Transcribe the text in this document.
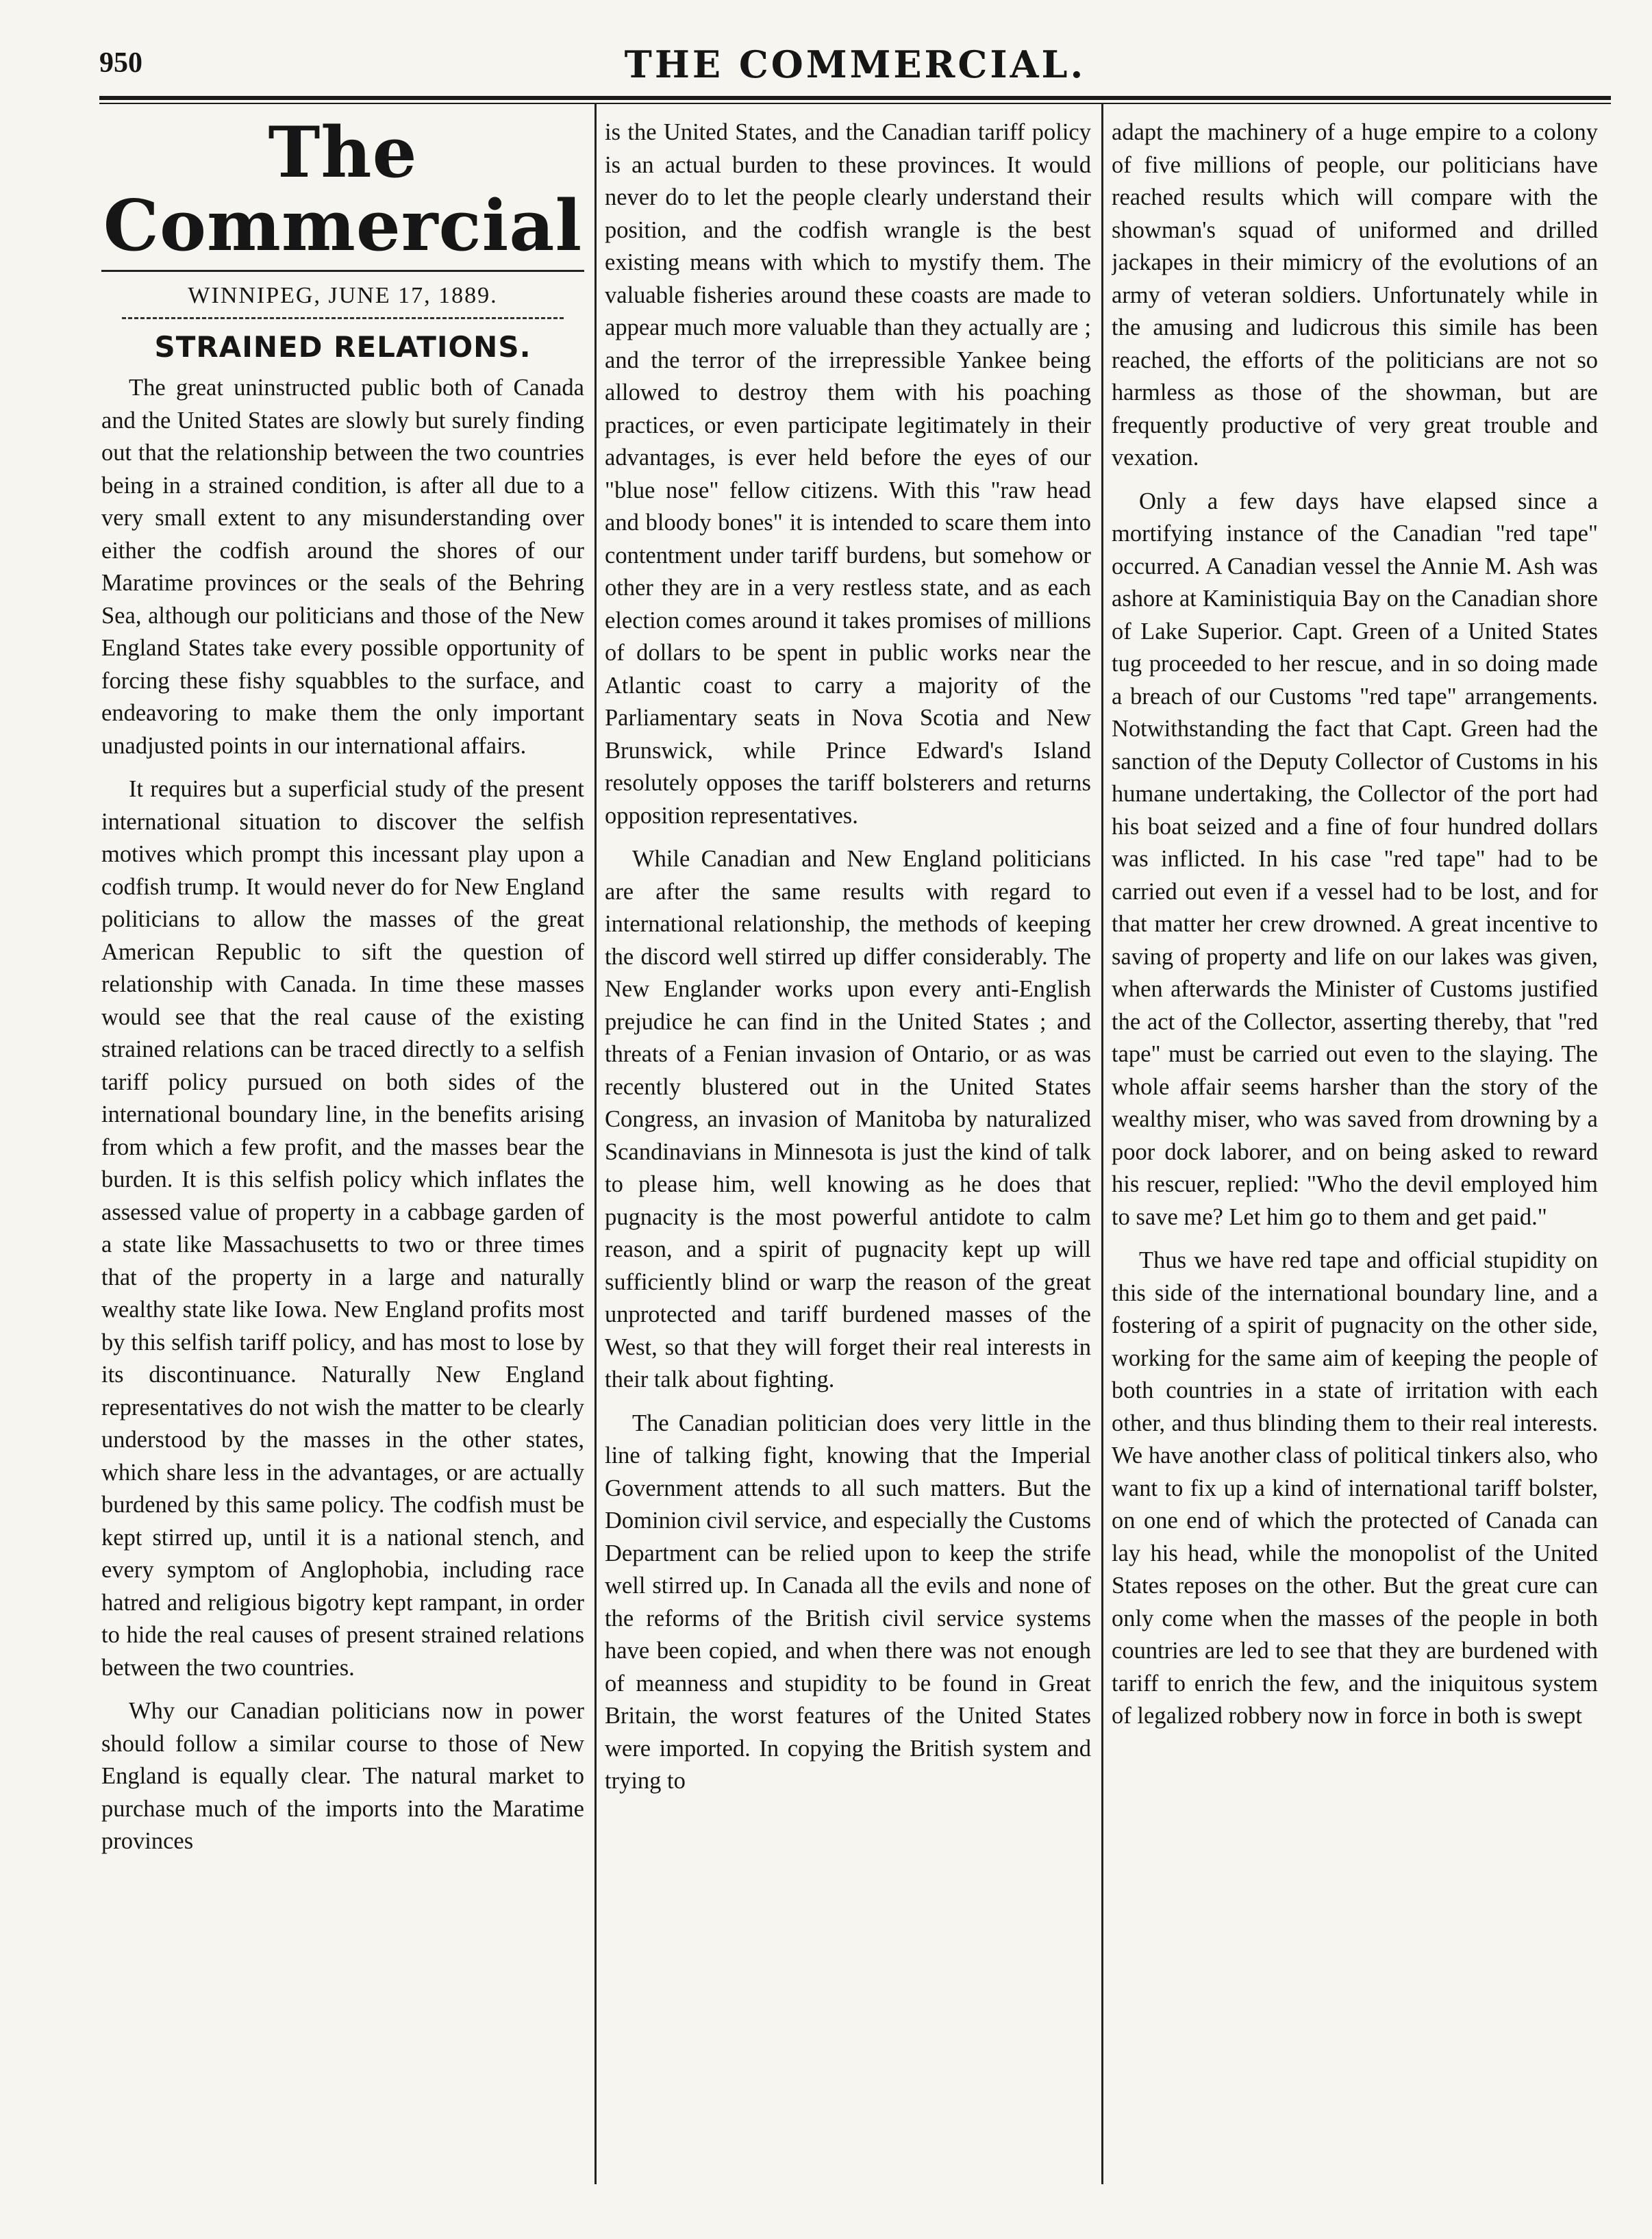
950	THE COMMERCIAL.
The Commercial
WINNIPEG, JUNE 17, 1889.
STRAINED RELATIONS.

The great uninstructed public both of Canada and the United States are slowly but surely finding out that the relationship between the two countries being in a strained condition, is after all due to a very small extent to any misunderstanding over either the codfish around the shores of our Maratime provinces or the seals of the Behring Sea, although our politicians and those of the New England States take every possible opportunity of forcing these fishy squabbles to the surface, and endeavoring to make them the only important unadjusted points in our international affairs.

It requires but a superficial study of the present international situation to discover the selfish motives which prompt this incessant play upon a codfish trump. It would never do for New England politicians to allow the masses of the great American Republic to sift the question of relationship with Canada. In time these masses would see that the real cause of the existing strained relations can be traced directly to a selfish tariff policy pursued on both sides of the international boundary line, in the benefits arising from which a few profit, and the masses bear the burden. It is this selfish policy which inflates the assessed value of property in a cabbage garden of a state like Massachusetts to two or three times that of the property in a large and naturally wealthy state like Iowa. New England profits most by this selfish tariff policy, and has most to lose by its discontinuance. Naturally New England representatives do not wish the matter to be clearly understood by the masses in the other states, which share less in the advantages, or are actually burdened by this same policy. The codfish must be kept stirred up, until it is a national stench, and every symptom of Anglophobia, including race hatred and religious bigotry kept rampant, in order to hide the real causes of present strained relations between the two countries.

Why our Canadian politicians now in power should follow a similar course to those of New England is equally clear. The natural market to purchase much of the imports into the Maratime provinces

is the United States, and the Canadian tariff policy is an actual burden to these provinces. It would never do to let the people clearly understand their position, and the codfish wrangle is the best existing means with which to mystify them. The valuable fisheries around these coasts are made to appear much more valuable than they actually are ; and the terror of the irrepressible Yankee being allowed to destroy them with his poaching practices, or even participate legitimately in their advantages, is ever held before the eyes of our "blue nose" fellow citizens. With this "raw head and bloody bones" it is intended to scare them into contentment under tariff burdens, but somehow or other they are in a very restless state, and as each election comes around it takes promises of millions of dollars to be spent in public works near the Atlantic coast to carry a majority of the Parliamentary seats in Nova Scotia and New Brunswick, while Prince Edward's Island resolutely opposes the tariff bolsterers and returns opposition representatives.

While Canadian and New England politicians are after the same results with regard to international relationship, the methods of keeping the discord well stirred up differ considerably. The New Englander works upon every anti-English prejudice he can find in the United States ; and threats of a Fenian invasion of Ontario, or as was recently blustered out in the United States Congress, an invasion of Manitoba by naturalized Scandinavians in Minnesota is just the kind of talk to please him, well knowing as he does that pugnacity is the most powerful antidote to calm reason, and a spirit of pugnacity kept up will sufficiently blind or warp the reason of the great unprotected and tariff burdened masses of the West, so that they will forget their real interests in their talk about fighting.

The Canadian politician does very little in the line of talking fight, knowing that the Imperial Government attends to all such matters. But the Dominion civil service, and especially the Customs Department can be relied upon to keep the strife well stirred up. In Canada all the evils and none of the reforms of the British civil service systems have been copied, and when there was not enough of meanness and stupidity to be found in Great Britain, the worst features of the United States were imported. In copying the British system and trying to

adapt the machinery of a huge empire to a colony of five millions of people, our politicians have reached results which will compare with the showman's squad of uniformed and drilled jackapes in their mimicry of the evolutions of an army of veteran soldiers. Unfortunately while in the amusing and ludicrous this simile has been reached, the efforts of the politicians are not so harmless as those of the showman, but are frequently productive of very great trouble and vexation.

Only a few days have elapsed since a mortifying instance of the Canadian "red tape" occurred. A Canadian vessel the Annie M. Ash was ashore at Kaministiquia Bay on the Canadian shore of Lake Superior. Capt. Green of a United States tug proceeded to her rescue, and in so doing made a breach of our Customs "red tape" arrangements. Notwithstanding the fact that Capt. Green had the sanction of the Deputy Collector of Customs in his humane undertaking, the Collector of the port had his boat seized and a fine of four hundred dollars was inflicted. In his case "red tape" had to be carried out even if a vessel had to be lost, and for that matter her crew drowned. A great incentive to saving of property and life on our lakes was given, when afterwards the Minister of Customs justified the act of the Collector, asserting thereby, that "red tape" must be carried out even to the slaying. The whole affair seems harsher than the story of the wealthy miser, who was saved from drowning by a poor dock laborer, and on being asked to reward his rescuer, replied: "Who the devil employed him to save me? Let him go to them and get paid."

Thus we have red tape and official stupidity on this side of the international boundary line, and a fostering of a spirit of pugnacity on the other side, working for the same aim of keeping the people of both countries in a state of irritation with each other, and thus blinding them to their real interests. We have another class of political tinkers also, who want to fix up a kind of international tariff bolster, on one end of which the protected of Canada can lay his head, while the monopolist of the United States reposes on the other. But the great cure can only come when the masses of the people in both countries are led to see that they are burdened with tariff to enrich the few, and the iniquitous system of legalized robbery now in force in both is swept
